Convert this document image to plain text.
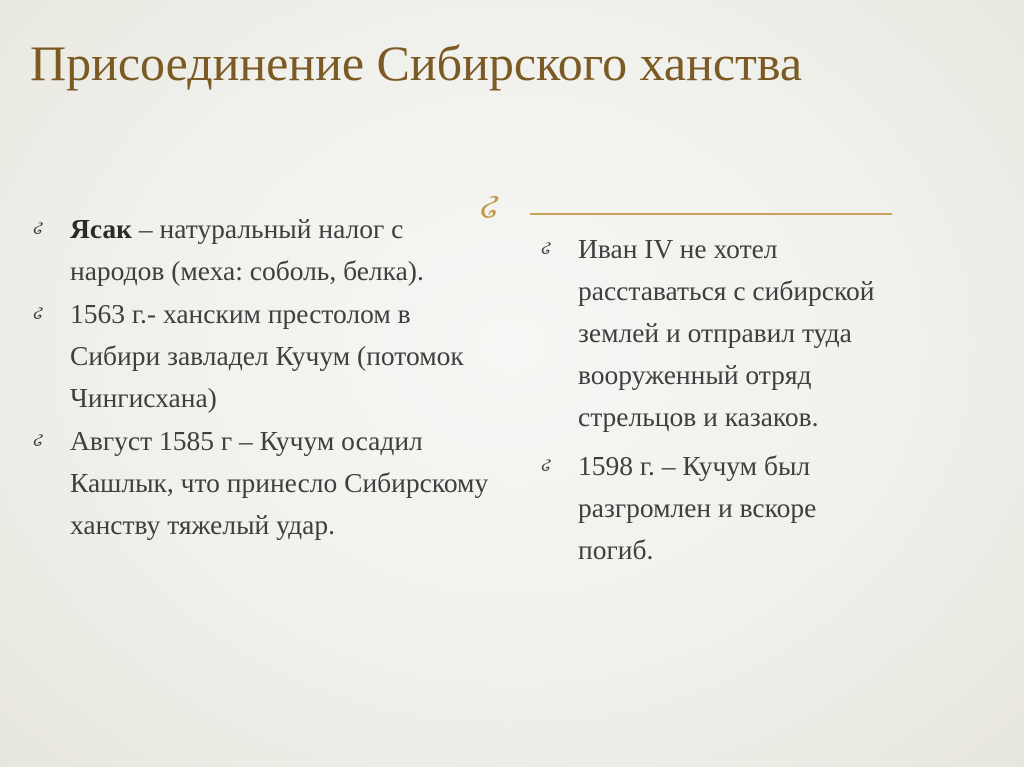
Присоединение Сибирского ханства
ઢ
ઢ Ясак – натуральный налог с народов (меха: соболь, белка).
ઢ 1563 г.- ханским престолом в Сибири завладел Кучум (потомок Чингисхана)
ઢ Август 1585 г – Кучум осадил Кашлык, что принесло Сибирскому ханству тяжелый удар.
ઢ Иван IV не хотел расставаться с сибирской землей и отправил туда вооруженный отряд стрельцов и казаков.
ઢ 1598 г. – Кучум был разгромлен и вскоре погиб.
